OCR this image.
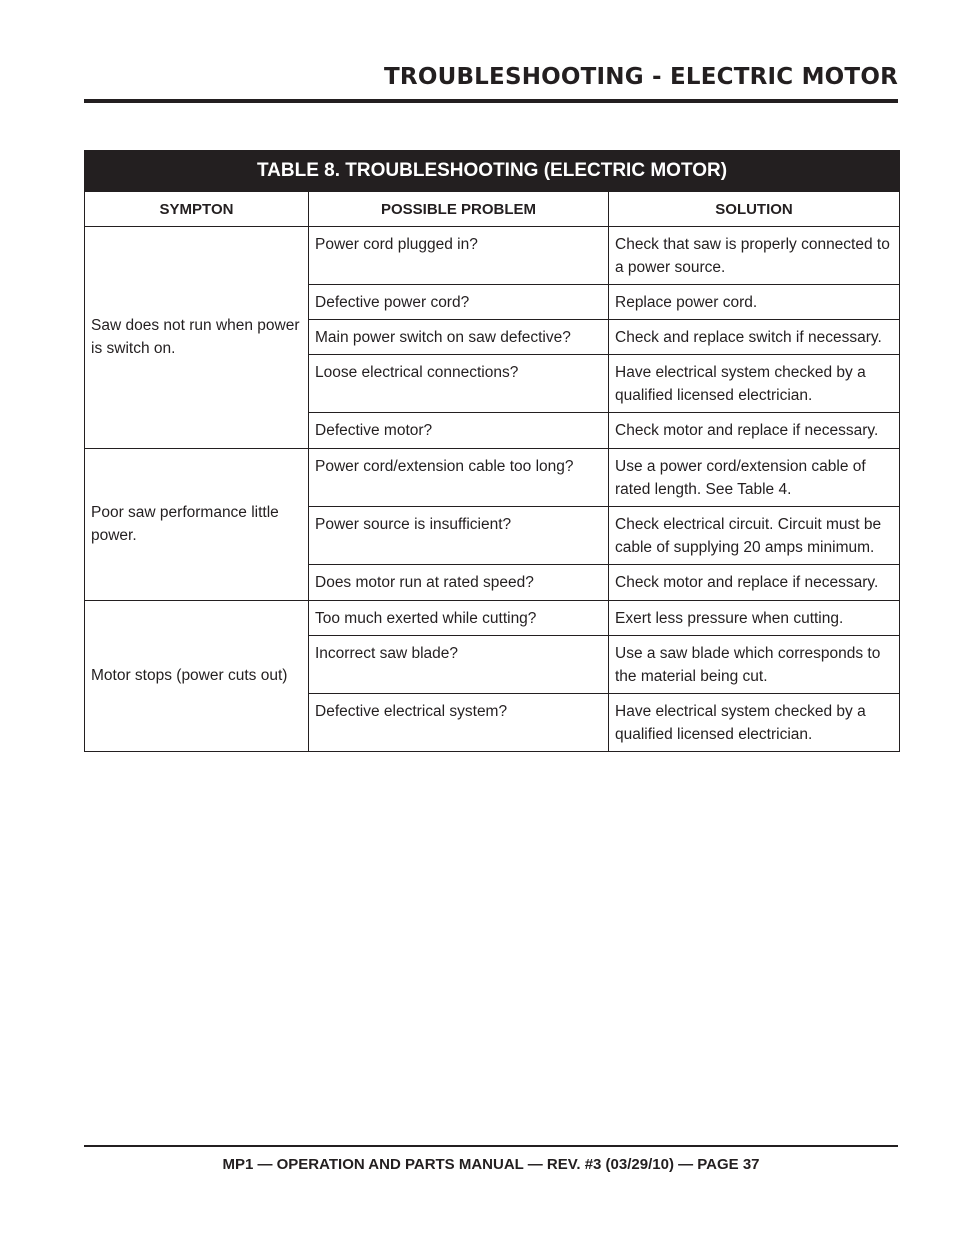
TROUBLESHOOTING - ELECTRIC MOTOR
TABLE 8. TROUBLESHOOTING (ELECTRIC MOTOR)		
SYMPTON	POSSIBLE PROBLEM	SOLUTION
Saw does not run when power is switch on.	Power cord plugged in?	Check that saw is properly connected to a power source.
	Defective power cord?	Replace power cord.
	Main power switch on saw defective?	Check and replace switch if necessary.
	Loose electrical connections?	Have electrical system checked by a qualified licensed electrician.
	Defective motor?	Check motor and replace if necessary.
Poor saw performance little power.	Power cord/extension cable too long?	Use a power cord/extension cable of rated length. See Table 4.
	Power source is insufficient?	Check electrical circuit. Circuit must be cable of supplying 20 amps minimum.
	Does motor run at rated speed?	Check motor and replace if necessary.
Motor stops (power cuts out)	Too much exerted while cutting?	Exert less pressure when cutting.
	Incorrect saw blade?	Use a saw blade which corresponds to the material being cut.
	Defective electrical system?	Have electrical system checked by a qualified licensed electrician.
MP1 — OPERATION AND PARTS MANUAL — REV. #3 (03/29/10) — PAGE 37
